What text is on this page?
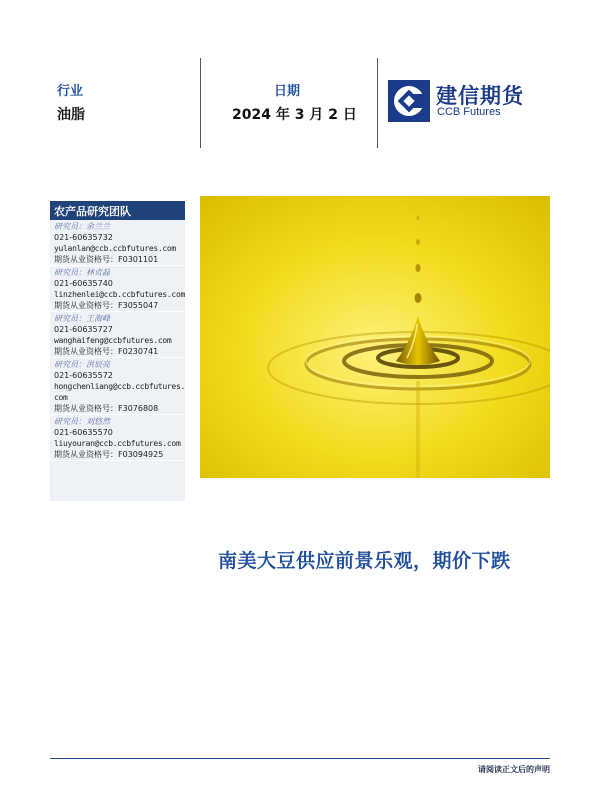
行业
油脂
日期
2024 年 3 月 2 日
建信期货
CCB Futures
农产品研究团队
研究员：余兰兰
021-60635732
yulanlan@ccb.ccbfutures.com
期货从业资格号：F0301101
研究员：林贞磊
021-60635740
linzhenlei@ccb.ccbfutures.com
期货从业资格号：F3055047
研究员：王海峰
021-60635727
wanghaifeng@ccbfutures.com
期货从业资格号：F0230741
研究员：洪辰亮
021-60635572
hongchenliang@ccb.ccbfutures.com
期货从业资格号：F3076808
研究员：刘悠然
021-60635570
liuyouran@ccb.ccbfutures.com
期货从业资格号：F03094925
南美大豆供应前景乐观，期价下跌
请阅读正文后的声明
